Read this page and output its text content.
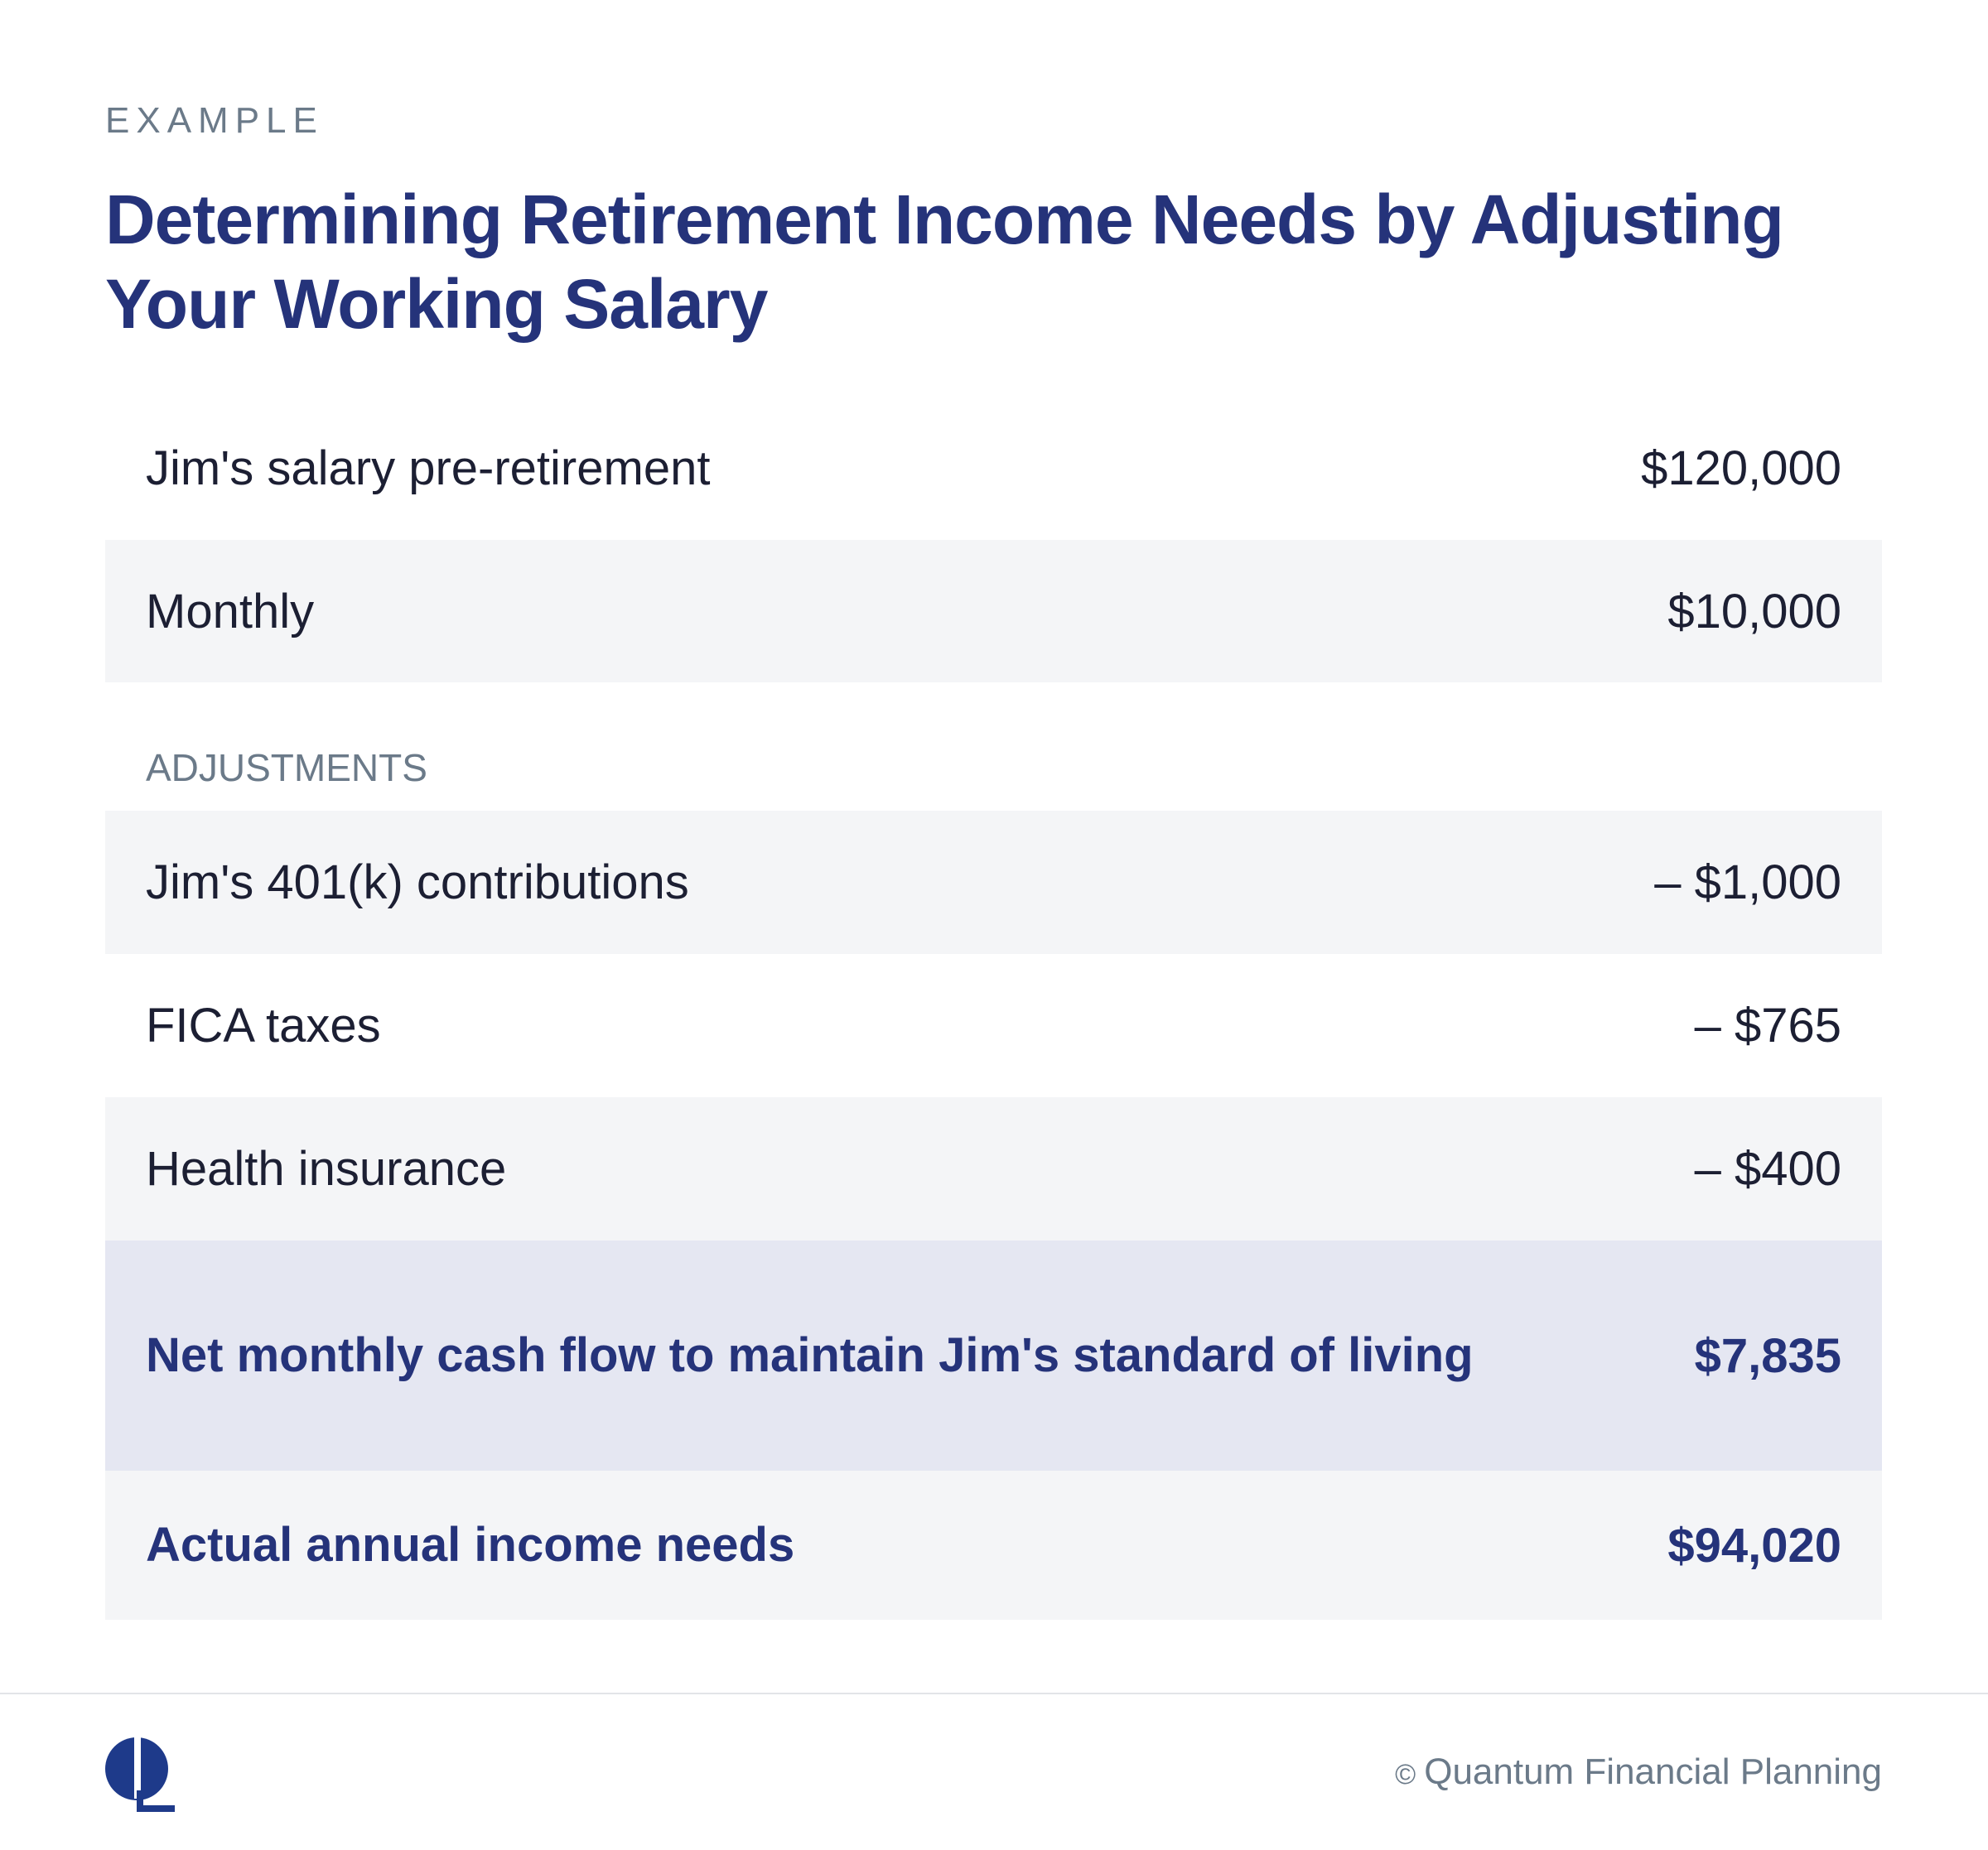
EXAMPLE
Determining Retirement Income Needs by Adjusting Your Working Salary
Jim's salary pre-retirement	$120,000
Monthly	$10,000
ADJUSTMENTS
Jim's 401(k) contributions	– $1,000
FICA taxes	– $765
Health insurance	– $400
Net monthly cash flow to maintain Jim's standard of living	$7,835
Actual annual income needs	$94,020
© Quantum Financial Planning
